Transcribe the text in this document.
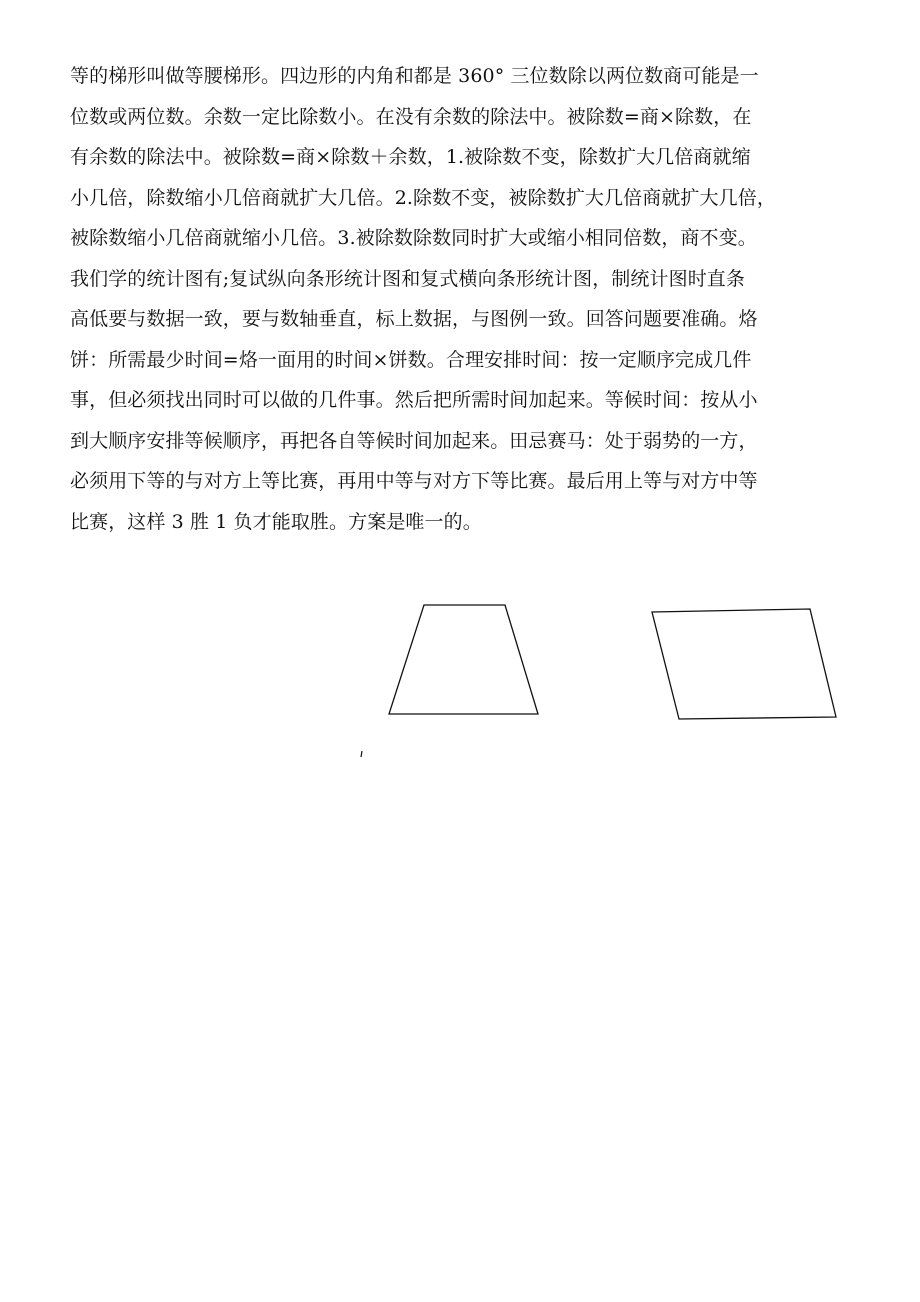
等的梯形叫做等腰梯形。四边形的内角和都是 360° 三位数除以两位数商可能是一
位数或两位数。余数一定比除数小。在没有余数的除法中。被除数=商×除数，在
有余数的除法中。被除数=商×除数＋余数，1.被除数不变，除数扩大几倍商就缩
小几倍，除数缩小几倍商就扩大几倍。2.除数不变，被除数扩大几倍商就扩大几倍，
被除数缩小几倍商就缩小几倍。3.被除数除数同时扩大或缩小相同倍数，商不变。
我们学的统计图有;复试纵向条形统计图和复式横向条形统计图，制统计图时直条
高低要与数据一致，要与数轴垂直，标上数据，与图例一致。回答问题要准确。烙
饼：所需最少时间=烙一面用的时间×饼数。合理安排时间：按一定顺序完成几件
事，但必须找出同时可以做的几件事。然后把所需时间加起来。等候时间：按从小
到大顺序安排等候顺序，再把各自等候时间加起来。田忌赛马：处于弱势的一方，
必须用下等的与对方上等比赛，再用中等与对方下等比赛。最后用上等与对方中等
比赛，这样 3 胜 1 负才能取胜。方案是唯一的。
